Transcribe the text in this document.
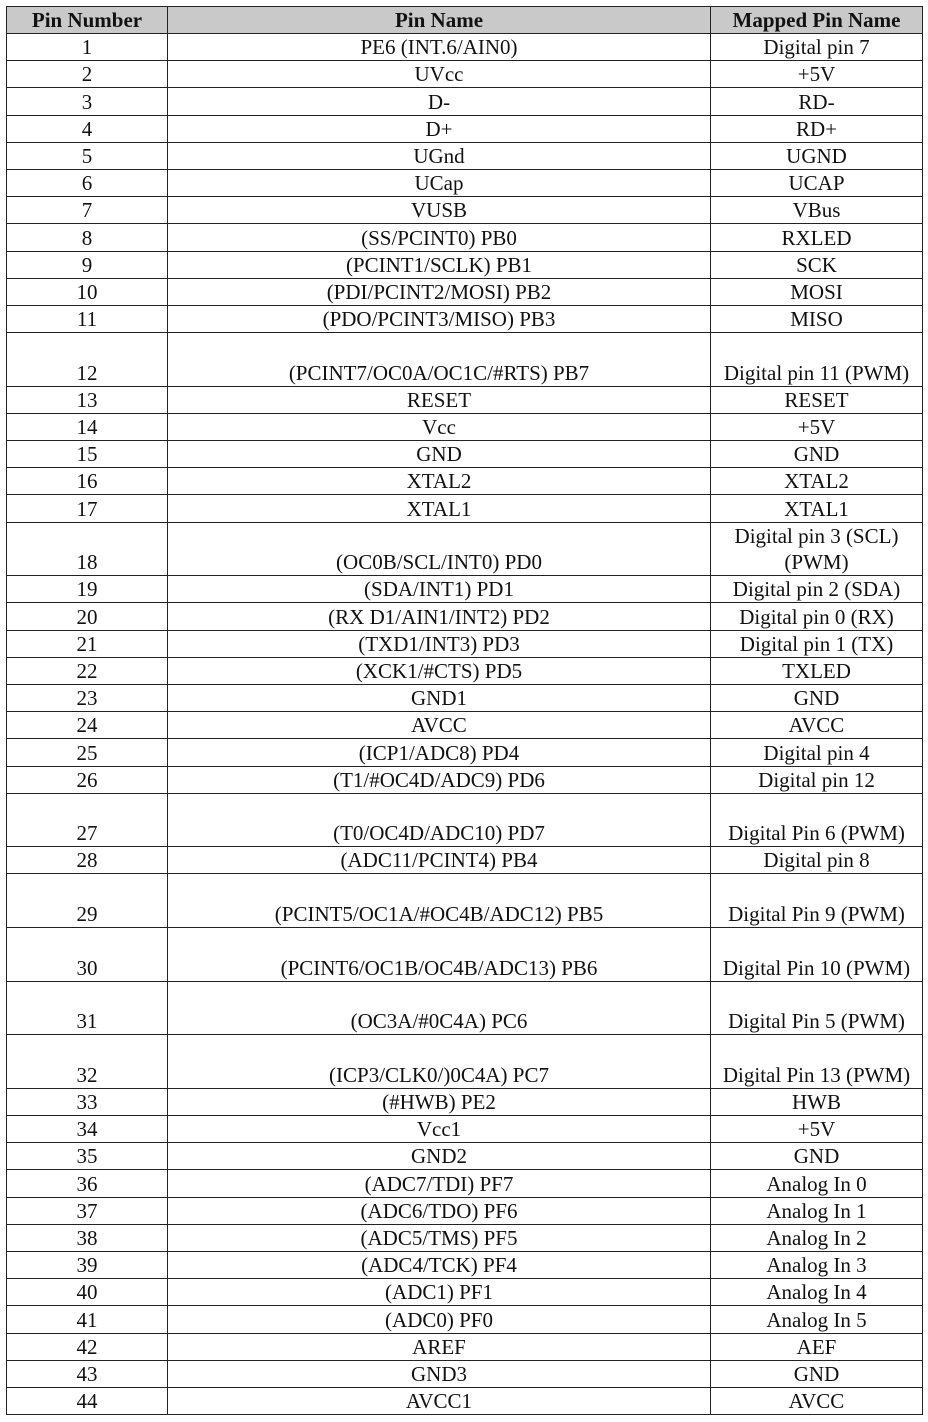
Pin Number	Pin Name	Mapped Pin Name
1	PE6 (INT.6/AIN0)	Digital pin 7
2	UVcc	+5V
3	D-	RD-
4	D+	RD+
5	UGnd	UGND
6	UCap	UCAP
7	VUSB	VBus
8	(SS/PCINT0) PB0	RXLED
9	(PCINT1/SCLK) PB1	SCK
10	(PDI/PCINT2/MOSI) PB2	MOSI
11	(PDO/PCINT3/MISO) PB3	MISO
12	(PCINT7/OC0A/OC1C/#RTS) PB7	Digital pin 11 (PWM)
13	RESET	RESET
14	Vcc	+5V
15	GND	GND
16	XTAL2	XTAL2
17	XTAL1	XTAL1
18	(OC0B/SCL/INT0) PD0	Digital pin 3 (SCL)(PWM)
19	(SDA/INT1) PD1	Digital pin 2 (SDA)
20	(RX D1/AIN1/INT2) PD2	Digital pin 0 (RX)
21	(TXD1/INT3) PD3	Digital pin 1 (TX)
22	(XCK1/#CTS) PD5	TXLED
23	GND1	GND
24	AVCC	AVCC
25	(ICP1/ADC8) PD4	Digital pin 4
26	(T1/#OC4D/ADC9) PD6	Digital pin 12
27	(T0/OC4D/ADC10) PD7	Digital Pin 6 (PWM)
28	(ADC11/PCINT4) PB4	Digital pin 8
29	(PCINT5/OC1A/#OC4B/ADC12) PB5	Digital Pin 9 (PWM)
30	(PCINT6/OC1B/OC4B/ADC13) PB6	Digital Pin 10 (PWM)
31	(OC3A/#0C4A) PC6	Digital Pin 5 (PWM)
32	(ICP3/CLK0/)0C4A) PC7	Digital Pin 13 (PWM)
33	(#HWB) PE2	HWB
34	Vcc1	+5V
35	GND2	GND
36	(ADC7/TDI) PF7	Analog In 0
37	(ADC6/TDO) PF6	Analog In 1
38	(ADC5/TMS) PF5	Analog In 2
39	(ADC4/TCK) PF4	Analog In 3
40	(ADC1) PF1	Analog In 4
41	(ADC0) PF0	Analog In 5
42	AREF	AEF
43	GND3	GND
44	AVCC1	AVCC
